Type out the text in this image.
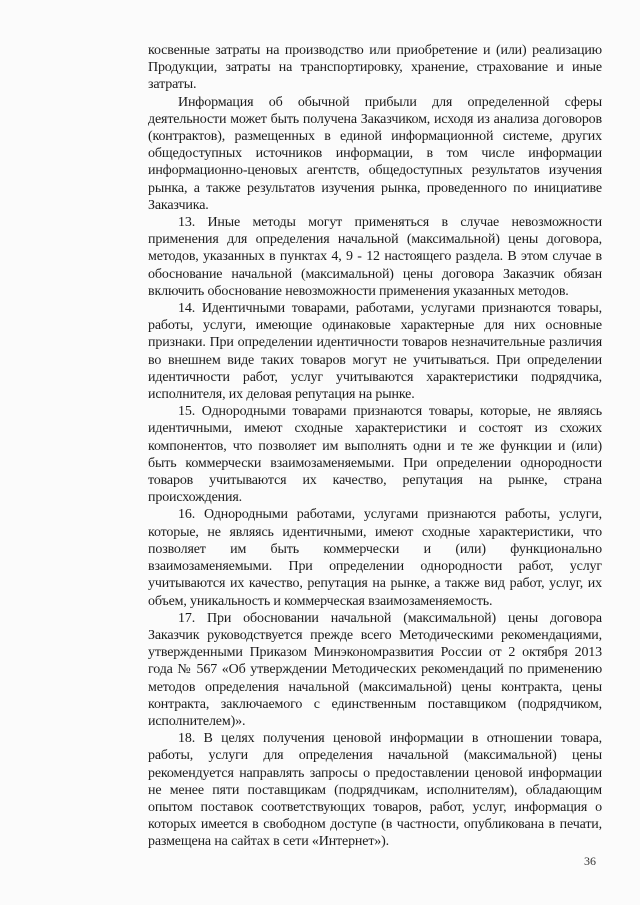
косвенные затраты на производство или приобретение и (или) реализацию Продукции, затраты на транспортировку, хранение, страхование и иные затраты.

Информация об обычной прибыли для определенной сферы деятельности может быть получена Заказчиком, исходя из анализа договоров (контрактов), размещенных в единой информационной системе, других общедоступных источников информации, в том числе информации информационно-ценовых агентств, общедоступных результатов изучения рынка, а также результатов изучения рынка, проведенного по инициативе Заказчика.

13. Иные методы могут применяться в случае невозможности применения для определения начальной (максимальной) цены договора, методов, указанных в пунктах 4, 9 - 12 настоящего раздела. В этом случае в обоснование начальной (максимальной) цены договора Заказчик обязан включить обоснование невозможности применения указанных методов.

14. Идентичными товарами, работами, услугами признаются товары, работы, услуги, имеющие одинаковые характерные для них основные признаки. При определении идентичности товаров незначительные различия во внешнем виде таких товаров могут не учитываться. При определении идентичности работ, услуг учитываются характеристики подрядчика, исполнителя, их деловая репутация на рынке.

15. Однородными товарами признаются товары, которые, не являясь идентичными, имеют сходные характеристики и состоят из схожих компонентов, что позволяет им выполнять одни и те же функции и (или) быть коммерчески взаимозаменяемыми. При определении однородности товаров учитываются их качество, репутация на рынке, страна происхождения.

16. Однородными работами, услугами признаются работы, услуги, которые, не являясь идентичными, имеют сходные характеристики, что позволяет им быть коммерчески и (или) функционально взаимозаменяемыми. При определении однородности работ, услуг учитываются их качество, репутация на рынке, а также вид работ, услуг, их объем, уникальность и коммерческая взаимозаменяемость.

17. При обосновании начальной (максимальной) цены договора Заказчик руководствуется прежде всего Методическими рекомендациями, утвержденными Приказом Минэкономразвития России от 2 октября 2013 года № 567 «Об утверждении Методических рекомендаций по применению методов определения начальной (максимальной) цены контракта, цены контракта, заключаемого с единственным поставщиком (подрядчиком, исполнителем)».

18. В целях получения ценовой информации в отношении товара, работы, услуги для определения начальной (максимальной) цены рекомендуется направлять запросы о предоставлении ценовой информации не менее пяти поставщикам (подрядчикам, исполнителям), обладающим опытом поставок соответствующих товаров, работ, услуг, информация о которых имеется в свободном доступе (в частности, опубликована в печати, размещена на сайтах в сети «Интернет»).

36
